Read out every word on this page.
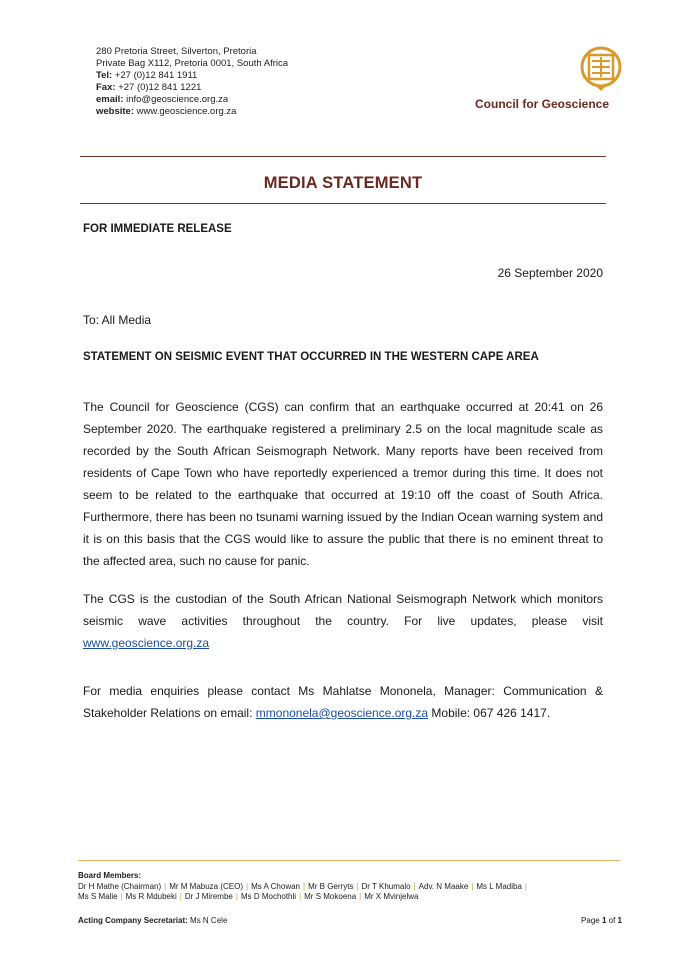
280 Pretoria Street, Silverton, Pretoria
Private Bag X112, Pretoria 0001, South Africa
Tel: +27 (0)12 841 1911
Fax: +27 (0)12 841 1221
email: info@geoscience.org.za
website: www.geoscience.org.za
Council for Geoscience
MEDIA STATEMENT
FOR IMMEDIATE RELEASE
26 September 2020
To: All Media
STATEMENT ON SEISMIC EVENT THAT OCCURRED IN THE WESTERN CAPE AREA
The Council for Geoscience (CGS) can confirm that an earthquake occurred at 20:41 on 26 September 2020. The earthquake registered a preliminary 2.5 on the local magnitude scale as recorded by the South African Seismograph Network. Many reports have been received from residents of Cape Town who have reportedly experienced a tremor during this time. It does not seem to be related to the earthquake that occurred at 19:10 off the coast of South Africa. Furthermore, there has been no tsunami warning issued by the Indian Ocean warning system and it is on this basis that the CGS would like to assure the public that there is no eminent threat to the affected area, such no cause for panic.
The CGS is the custodian of the South African National Seismograph Network which monitors seismic wave activities throughout the country. For live updates, please visit www.geoscience.org.za
For media enquiries please contact Ms Mahlatse Mononela, Manager: Communication & Stakeholder Relations on email: mmononela@geoscience.org.za Mobile: 067 426 1417.
Board Members:
Dr H Mathe (Chairman) | Mr M Mabuza (CEO) | Ms A Chowan | Mr B Gerryts | Dr T Khumalo | Adv. N Maake | Ms L Madiba |
Ms S Malie | Ms R Mdubeki | Dr J Mirembe | Ms D Mochothli | Mr S Mokoena | Mr X Mvinjelwa
Acting Company Secretariat: Ms N Cele	Page 1 of 1
